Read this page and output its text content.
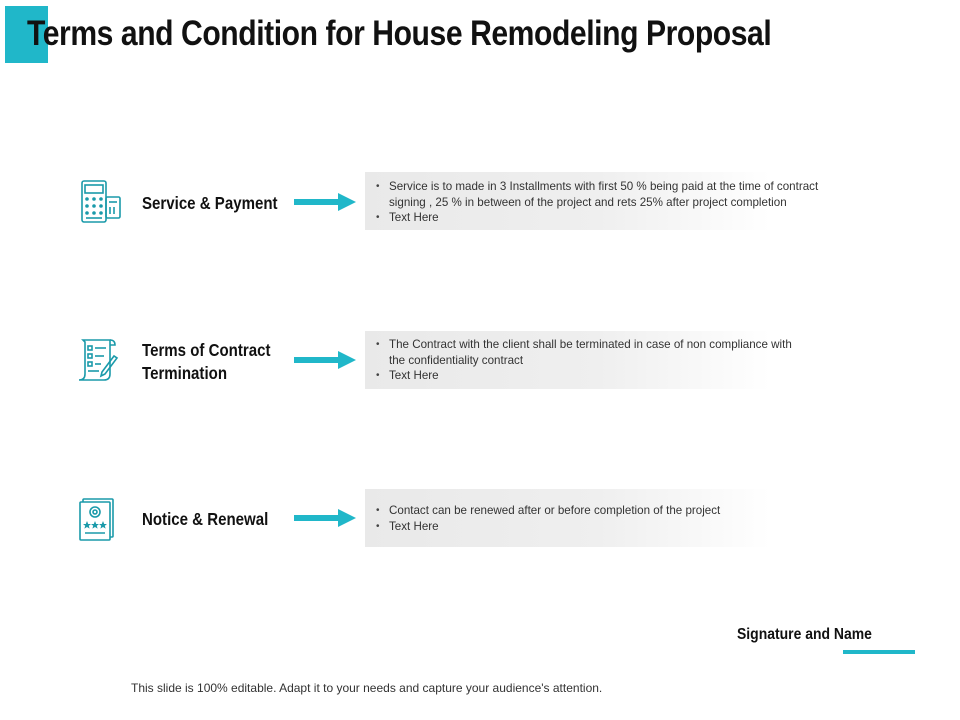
Terms and Condition for House Remodeling Proposal
Service & Payment
• Service is to made in 3 Installments with first 50 % being paid at the time of contract
signing , 25 % in between of the project and rets 25% after project completion
• Text Here
Terms of Contract
Termination
• The Contract with the client shall be terminated in case of non compliance with
the confidentiality contract
• Text Here
Notice & Renewal
•	Contact can be renewed after or before completion of the project
• Text Here
Signature and Name
This slide is 100% editable. Adapt it to your needs and capture your audience's attention.
